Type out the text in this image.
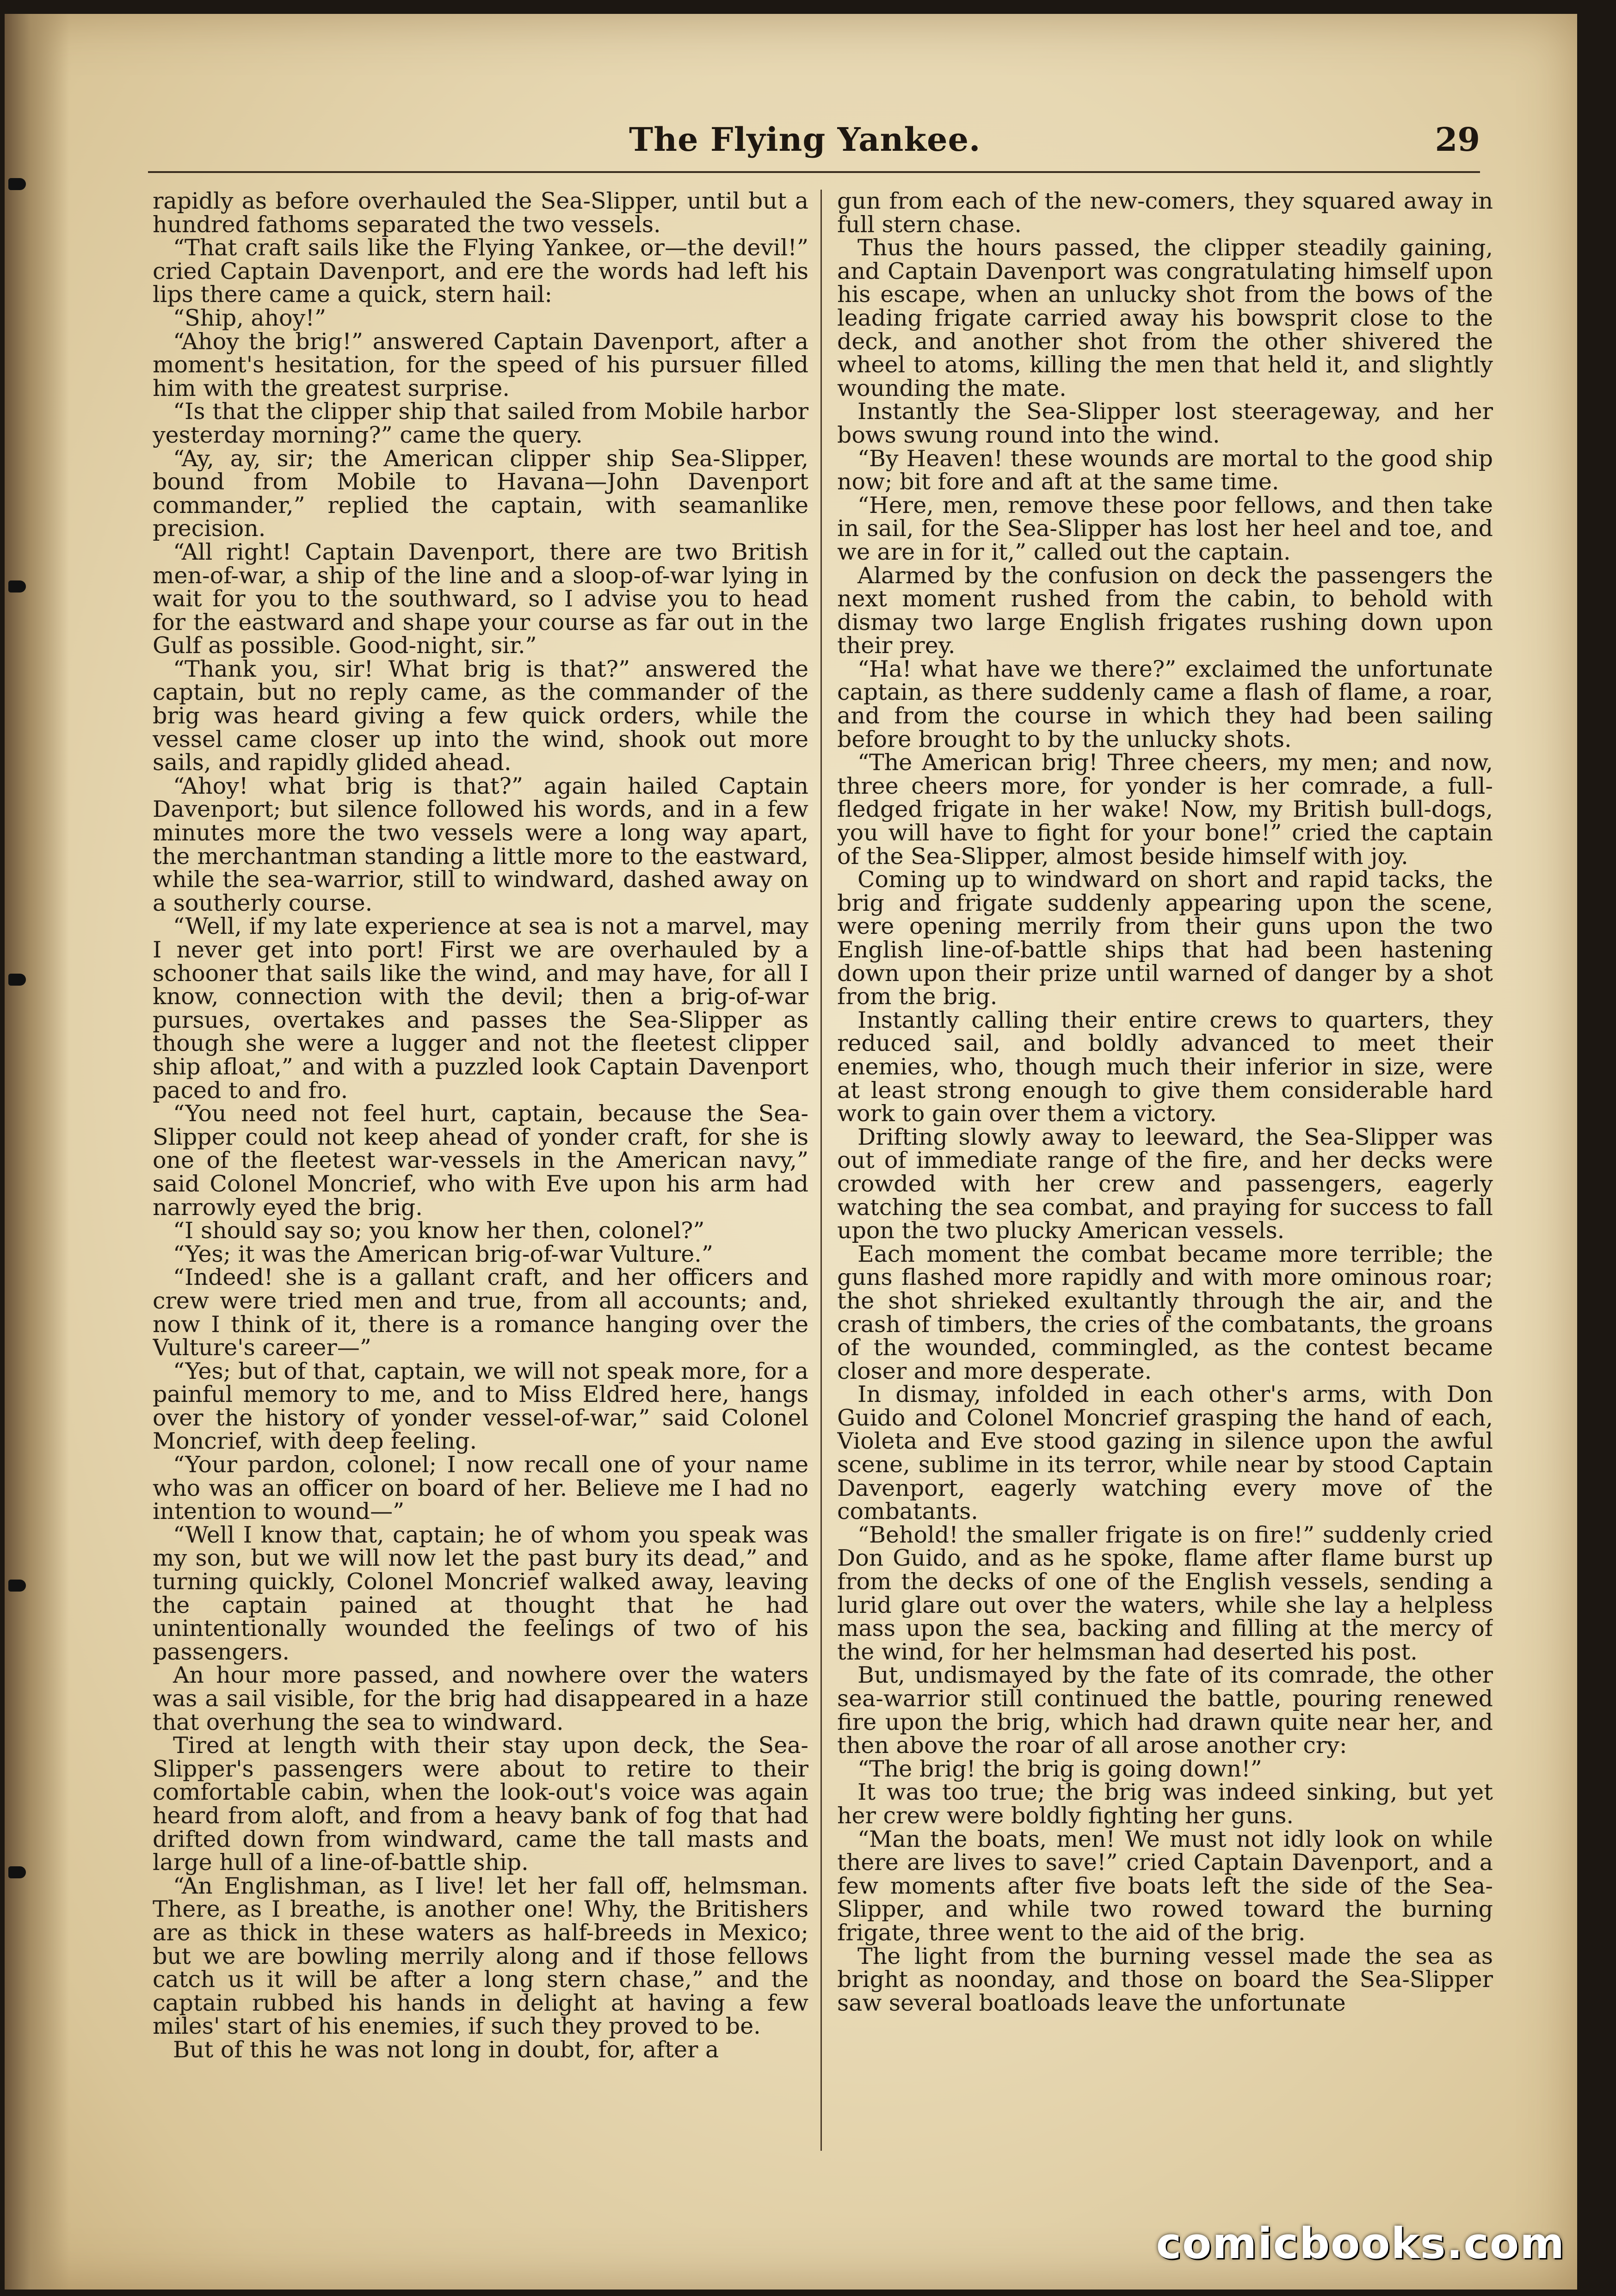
The Flying Yankee.	29

rapidly as before overhauled the Sea-Slipper, until but a hundred fathoms separated the two vessels.

“That craft sails like the Flying Yankee, or—the devil!” cried Captain Davenport, and ere the words had left his lips there came a quick, stern hail:

“Ship, ahoy!”

“Ahoy the brig!” answered Captain Davenport, after a moment's hesitation, for the speed of his pursuer filled him with the greatest surprise.

“Is that the clipper ship that sailed from Mobile harbor yesterday morning?” came the query.

“Ay, ay, sir; the American clipper ship Sea-Slipper, bound from Mobile to Havana—John Davenport commander,” replied the captain, with seamanlike precision.

“All right! Captain Davenport, there are two British men-of-war, a ship of the line and a sloop-of-war lying in wait for you to the southward, so I advise you to head for the eastward and shape your course as far out in the Gulf as possible. Good-night, sir.”

“Thank you, sir! What brig is that?” answered the captain, but no reply came, as the commander of the brig was heard giving a few quick orders, while the vessel came closer up into the wind, shook out more sails, and rapidly glided ahead.

“Ahoy! what brig is that?” again hailed Captain Davenport; but silence followed his words, and in a few minutes more the two vessels were a long way apart, the merchantman standing a little more to the eastward, while the sea-warrior, still to windward, dashed away on a southerly course.

“Well, if my late experience at sea is not a marvel, may I never get into port! First we are overhauled by a schooner that sails like the wind, and may have, for all I know, connection with the devil; then a brig-of-war pursues, overtakes and passes the Sea-Slipper as though she were a lugger and not the fleetest clipper ship afloat,” and with a puzzled look Captain Davenport paced to and fro.

“You need not feel hurt, captain, because the Sea-Slipper could not keep ahead of yonder craft, for she is one of the fleetest war-vessels in the American navy,” said Colonel Moncrief, who with Eve upon his arm had narrowly eyed the brig.

“I should say so; you know her then, colonel?”

“Yes; it was the American brig-of-war Vulture.”

“Indeed! she is a gallant craft, and her officers and crew were tried men and true, from all accounts; and, now I think of it, there is a romance hanging over the Vulture's career—”

“Yes; but of that, captain, we will not speak more, for a painful memory to me, and to Miss Eldred here, hangs over the history of yonder vessel-of-war,” said Colonel Moncrief, with deep feeling.

“Your pardon, colonel; I now recall one of your name who was an officer on board of her. Believe me I had no intention to wound—”

“Well I know that, captain; he of whom you speak was my son, but we will now let the past bury its dead,” and turning quickly, Colonel Moncrief walked away, leaving the captain pained at thought that he had unintentionally wounded the feelings of two of his passengers.

An hour more passed, and nowhere over the waters was a sail visible, for the brig had disappeared in a haze that overhung the sea to windward.

Tired at length with their stay upon deck, the Sea-Slipper's passengers were about to retire to their comfortable cabin, when the look-out's voice was again heard from aloft, and from a heavy bank of fog that had drifted down from windward, came the tall masts and large hull of a line-of-battle ship.

“An Englishman, as I live! let her fall off, helmsman. There, as I breathe, is another one! Why, the Britishers are as thick in these waters as half-breeds in Mexico; but we are bowling merrily along and if those fellows catch us it will be after a long stern chase,” and the captain rubbed his hands in delight at having a few miles' start of his enemies, if such they proved to be.

But of this he was not long in doubt, for, after a

gun from each of the new-comers, they squared away in full stern chase.

Thus the hours passed, the clipper steadily gaining, and Captain Davenport was congratulating himself upon his escape, when an unlucky shot from the bows of the leading frigate carried away his bowsprit close to the deck, and another shot from the other shivered the wheel to atoms, killing the men that held it, and slightly wounding the mate.

Instantly the Sea-Slipper lost steerageway, and her bows swung round into the wind.

“By Heaven! these wounds are mortal to the good ship now; bit fore and aft at the same time.

“Here, men, remove these poor fellows, and then take in sail, for the Sea-Slipper has lost her heel and toe, and we are in for it,” called out the captain.

Alarmed by the confusion on deck the passengers the next moment rushed from the cabin, to behold with dismay two large English frigates rushing down upon their prey.

“Ha! what have we there?” exclaimed the unfortunate captain, as there suddenly came a flash of flame, a roar, and from the course in which they had been sailing before brought to by the unlucky shots.

“The American brig! Three cheers, my men; and now, three cheers more, for yonder is her comrade, a full-fledged frigate in her wake! Now, my British bull-dogs, you will have to fight for your bone!” cried the captain of the Sea-Slipper, almost beside himself with joy.

Coming up to windward on short and rapid tacks, the brig and frigate suddenly appearing upon the scene, were opening merrily from their guns upon the two English line-of-battle ships that had been hastening down upon their prize until warned of danger by a shot from the brig.

Instantly calling their entire crews to quarters, they reduced sail, and boldly advanced to meet their enemies, who, though much their inferior in size, were at least strong enough to give them considerable hard work to gain over them a victory.

Drifting slowly away to leeward, the Sea-Slipper was out of immediate range of the fire, and her decks were crowded with her crew and passengers, eagerly watching the sea combat, and praying for success to fall upon the two plucky American vessels.

Each moment the combat became more terrible; the guns flashed more rapidly and with more ominous roar; the shot shrieked exultantly through the air, and the crash of timbers, the cries of the combatants, the groans of the wounded, commingled, as the contest became closer and more desperate.

In dismay, infolded in each other's arms, with Don Guido and Colonel Moncrief grasping the hand of each, Violeta and Eve stood gazing in silence upon the awful scene, sublime in its terror, while near by stood Captain Davenport, eagerly watching every move of the combatants.

“Behold! the smaller frigate is on fire!” suddenly cried Don Guido, and as he spoke, flame after flame burst up from the decks of one of the English vessels, sending a lurid glare out over the waters, while she lay a helpless mass upon the sea, backing and filling at the mercy of the wind, for her helmsman had deserted his post.

But, undismayed by the fate of its comrade, the other sea-warrior still continued the battle, pouring renewed fire upon the brig, which had drawn quite near her, and then above the roar of all arose another cry:

“The brig! the brig is going down!”

It was too true; the brig was indeed sinking, but yet her crew were boldly fighting her guns.

“Man the boats, men! We must not idly look on while there are lives to save!” cried Captain Davenport, and a few moments after five boats left the side of the Sea-Slipper, and while two rowed toward the burning frigate, three went to the aid of the brig.

The light from the burning vessel made the sea as bright as noonday, and those on board the Sea-Slipper saw several boatloads leave the unfortunate

comicbooks.com
